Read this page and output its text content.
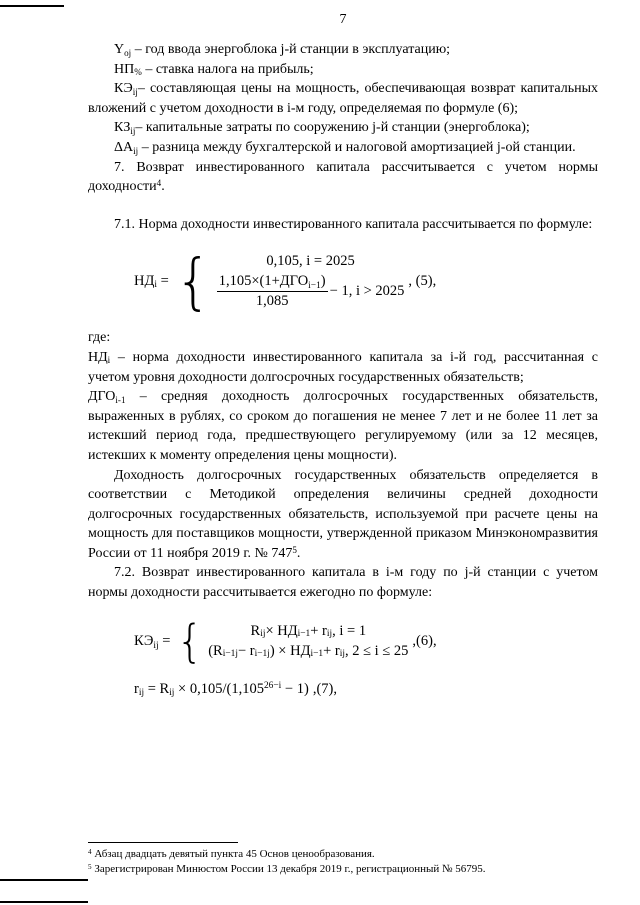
7

$Y_{oj}$ – год ввода энергоблока j-й станции в эксплуатацию;

$НП_{\%}$ – ставка налога на прибыль;

$КЭ_{ij}-$ составляющая цены на мощность, обеспечивающая возврат капитальных вложений с учетом доходности в i-м году, определяемая по формуле (6);

$КЗ_{ij}-$ капитальные затраты по сооружению j-й станции (энергоблока);

$\Delta А_{ij}$ – разница между бухгалтерской и налоговой амортизацией j-ой станции.

7. Возврат инвестированного капитала рассчитывается с учетом нормы доходности$^4$.

7.1. Норма доходности инвестированного капитала рассчитывается по формуле:

$НД_i$ = {	0,105, i = 2025
$\frac{1,105\times(1+ДГО_{i-1})}{1,085} - 1$, i > 2025
, (5),

где:

$НД_i$ – норма доходности инвестированного капитала за i-й год, рассчитанная с учетом уровня доходности долгосрочных государственных обязательств;

$ДГО_{i-1}$ – средняя доходность долгосрочных государственных обязательств, выраженных в рублях, со сроком до погашения не менее 7 лет и не более 11 лет за истекший период года, предшествующего регулируемому (или за 12 месяцев, истекших к моменту определения цены мощности).

Доходность долгосрочных государственных обязательств определяется в соответствии с Методикой определения величины средней доходности долгосрочных государственных обязательств, используемой при расчете цены на мощность для поставщиков мощности, утвержденной приказом Минэкономразвития России от 11 ноября 2019 г. № $747^5$.

7.2. Возврат инвестированного капитала в i-м году по j-й станции с учетом нормы доходности рассчитывается ежегодно по формуле:

$КЭ_{ij}$ = {	$R_{ij} \times НД_{i-1} + r_{ij}$ , i = 1
($R_{i-1j} - r_{i-1j}$ ) × $НД_{i-1} + r_{ij}$ , 2 ≤ i ≤ 25
,(6),
$r_{ij} = R_{ij} \times 0,105/(1,105^{26-i} - 1)$ ,(7),

$^4$ Абзац двадцать девятый пункта 45 Основ ценообразования.

$^5$ Зарегистрирован Минюстом России 13 декабря 2019 г., регистрационный № 56795.
